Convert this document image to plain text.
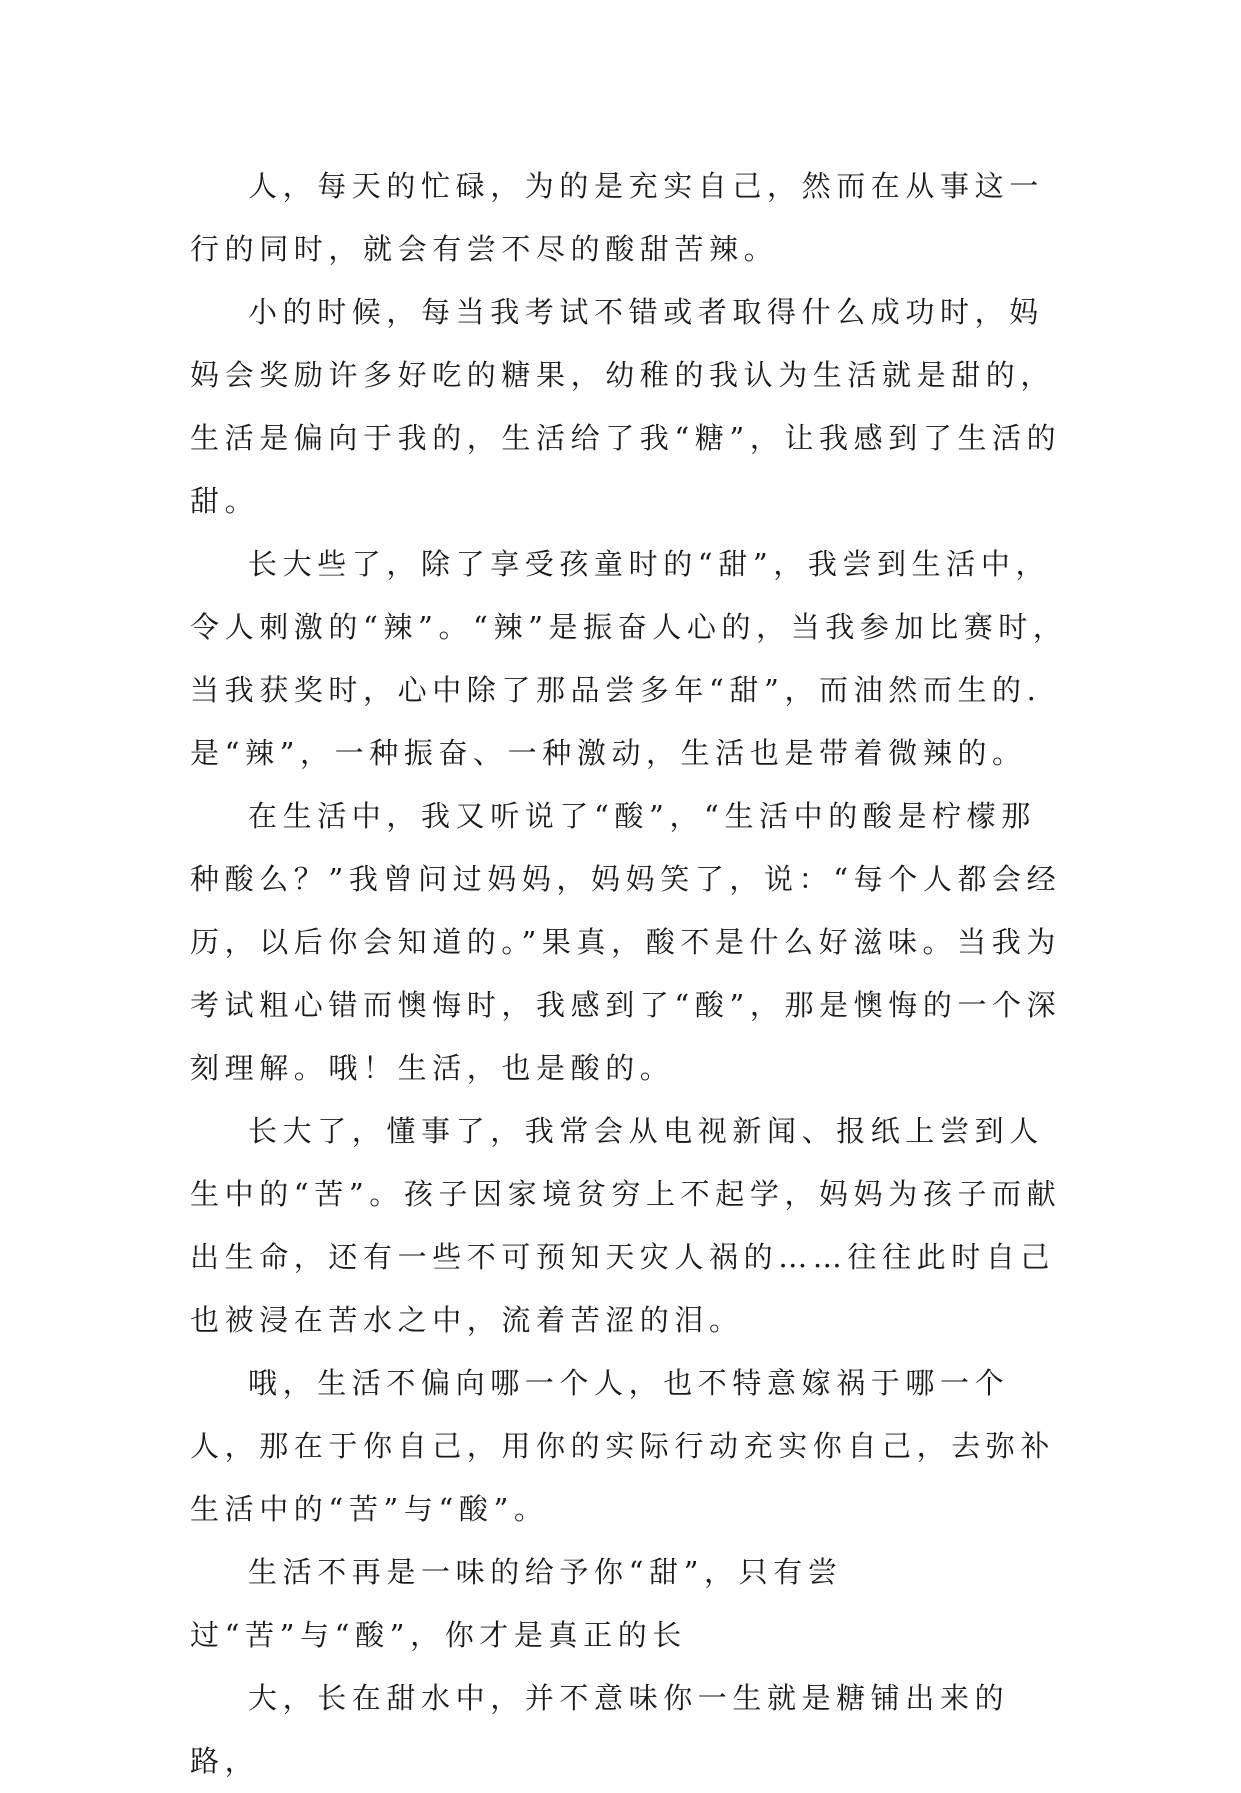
人，每天的忙碌，为的是充实自己，然而在从事这一行的同时，就会有尝不尽的酸甜苦辣。

小的时候，每当我考试不错或者取得什么成功时，妈妈会奖励许多好吃的糖果，幼稚的我认为生活就是甜的，生活是偏向于我的，生活给了我“糖”，让我感到了生活的甜。

长大些了，除了享受孩童时的“甜”，我尝到生活中，令人刺激的“辣”。“辣”是振奋人心的，当我参加比赛时，当我获奖时，心中除了那品尝多年“甜”，而油然而生的.是“辣”，一种振奋、一种激动，生活也是带着微辣的。

在生活中，我又听说了“酸”，“生活中的酸是柠檬那种酸么？”我曾问过妈妈，妈妈笑了，说：“每个人都会经历，以后你会知道的。”果真，酸不是什么好滋味。当我为考试粗心错而懊悔时，我感到了“酸”，那是懊悔的一个深刻理解。哦！生活，也是酸的。

长大了，懂事了，我常会从电视新闻、报纸上尝到人生中的“苦”。孩子因家境贫穷上不起学，妈妈为孩子而献出生命，还有一些不可预知天灾人祸的……往往此时自己也被浸在苦水之中，流着苦涩的泪。

哦，生活不偏向哪一个人，也不特意嫁祸于哪一个人，那在于你自己，用你的实际行动充实你自己，去弥补生活中的“苦”与“酸”。

生活不再是一味的给予你“甜”，只有尝过“苦”与“酸”，你才是真正的长

大，长在甜水中，并不意味你一生就是糖铺出来的路，
